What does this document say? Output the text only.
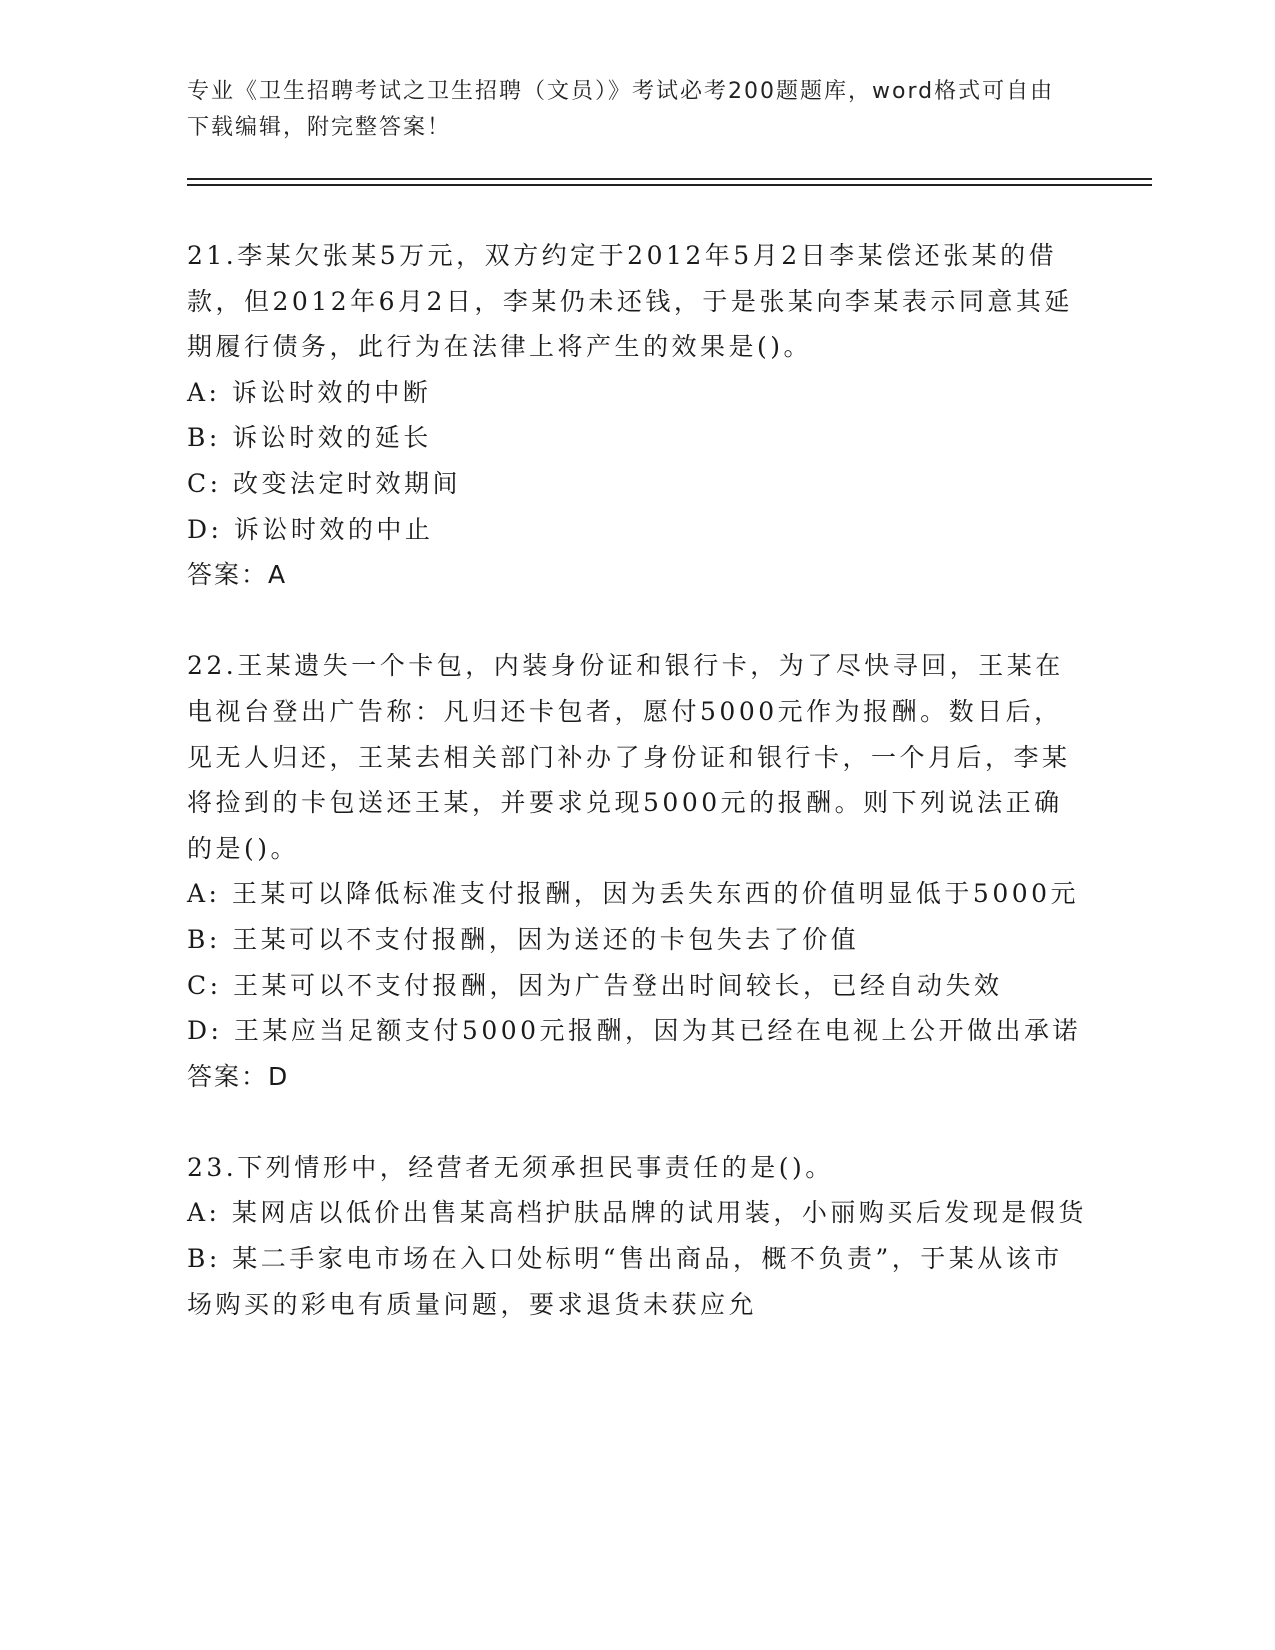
专业《卫生招聘考试之卫生招聘（文员）》考试必考200题题库，word格式可自由下载编辑，附完整答案！

21.李某欠张某5万元，双方约定于2012年5月2日李某偿还张某的借款，但2012年6月2日，李某仍未还钱，于是张某向李某表示同意其延期履行债务，此行为在法律上将产生的效果是()。

A: 诉讼时效的中断

B: 诉讼时效的延长

C: 改变法定时效期间

D: 诉讼时效的中止

答案：A

22.王某遗失一个卡包，内装身份证和银行卡，为了尽快寻回，王某在电视台登出广告称：凡归还卡包者，愿付5000元作为报酬。数日后，见无人归还，王某去相关部门补办了身份证和银行卡，一个月后，李某将捡到的卡包送还王某，并要求兑现5000元的报酬。则下列说法正确的是()。

A: 王某可以降低标准支付报酬，因为丢失东西的价值明显低于5000元

B: 王某可以不支付报酬，因为送还的卡包失去了价值

C: 王某可以不支付报酬，因为广告登出时间较长，已经自动失效

D: 王某应当足额支付5000元报酬，因为其已经在电视上公开做出承诺

答案：D

23.下列情形中，经营者无须承担民事责任的是()。

A: 某网店以低价出售某高档护肤品牌的试用装，小丽购买后发现是假货

B: 某二手家电市场在入口处标明“售出商品，概不负责”，于某从该市场购买的彩电有质量问题，要求退货未获应允
